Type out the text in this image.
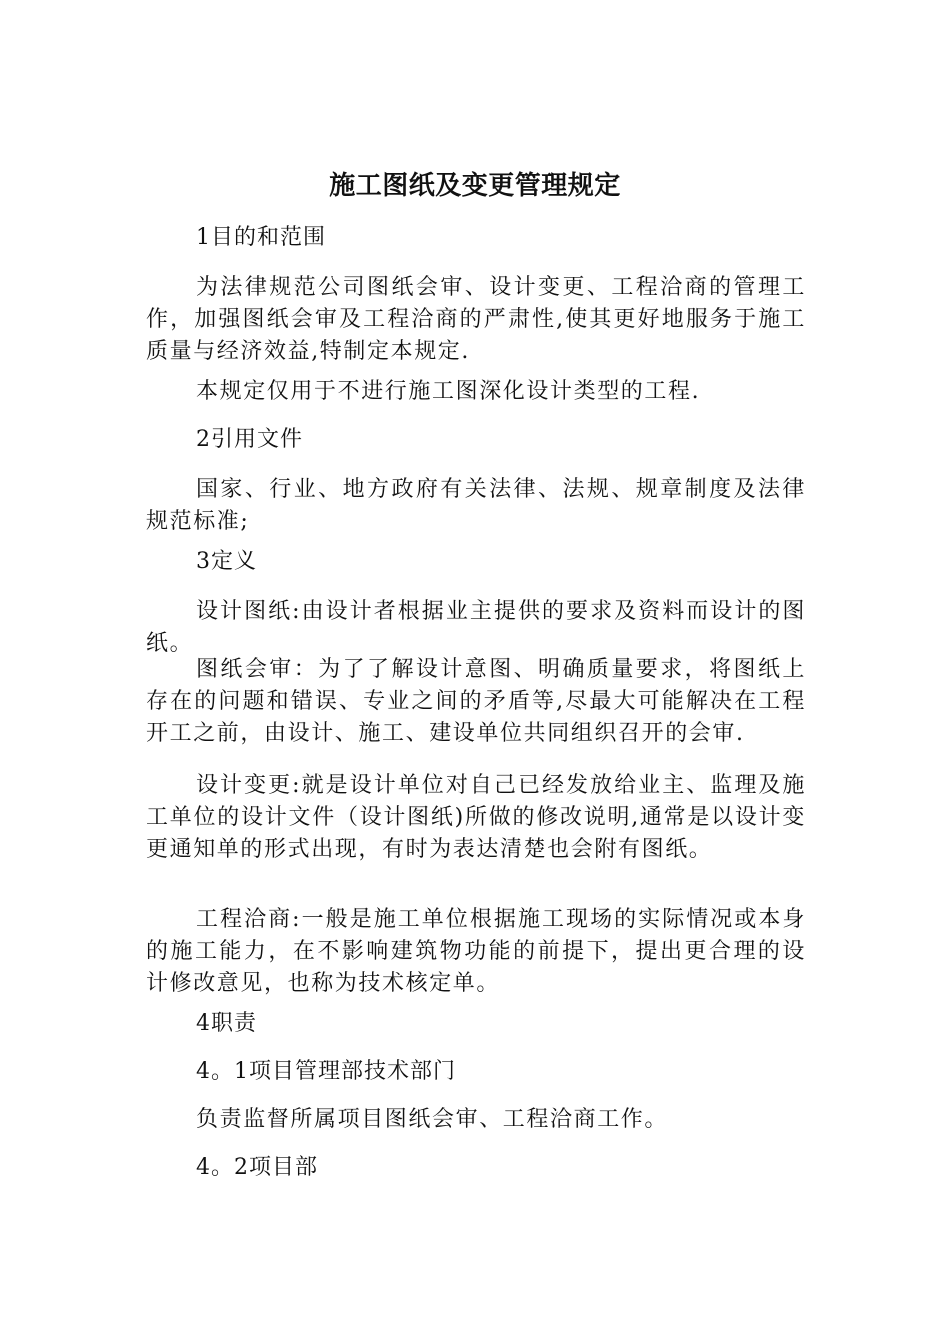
施工图纸及变更管理规定

1目的和范围

为法律规范公司图纸会审、设计变更、工程洽商的管理工作，加强图纸会审及工程洽商的严肃性,使其更好地服务于施工质量与经济效益,特制定本规定.

本规定仅用于不进行施工图深化设计类型的工程.

2引用文件

国家、行业、地方政府有关法律、法规、规章制度及法律规范标准;

3定义

设计图纸:由设计者根据业主提供的要求及资料而设计的图纸。

图纸会审：为了了解设计意图、明确质量要求，将图纸上存在的问题和错误、专业之间的矛盾等,尽最大可能解决在工程开工之前，由设计、施工、建设单位共同组织召开的会审.

设计变更:就是设计单位对自己已经发放给业主、监理及施工单位的设计文件（设计图纸)所做的修改说明,通常是以设计变更通知单的形式出现，有时为表达清楚也会附有图纸。

工程洽商:一般是施工单位根据施工现场的实际情况或本身的施工能力，在不影响建筑物功能的前提下，提出更合理的设计修改意见，也称为技术核定单。

4职责

4。1项目管理部技术部门

负责监督所属项目图纸会审、工程洽商工作。

4。2项目部
